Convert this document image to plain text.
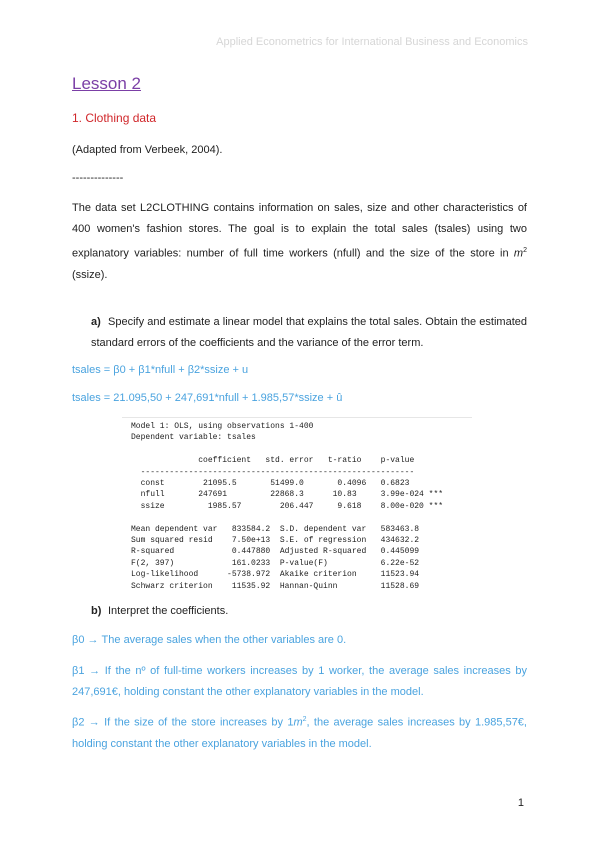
Applied Econometrics for International Business and Economics
Lesson 2
1. Clothing data
(Adapted from Verbeek, 2004).
--------------
The data set L2CLOTHING contains information on sales, size and other characteristics of 400 women's fashion stores. The goal is to explain the total sales (tsales) using two explanatory variables: number of full time workers (nfull) and the size of the store in $m^2$ (ssize).
a) Specify and estimate a linear model that explains the total sales. Obtain the estimated standard errors of the coefficients and the variance of the error term.
tsales = β0 + β1*nfull + β2*ssize + u
tsales = 21.095,50 + 247,691*nfull + 1.985,57*ssize + û
Model 1: OLS, using observations 1-400
Dependent variable: tsales

coefficient   std. error   t-ratio    p-value
---------------------------------------------------------
const        21095.5       51499.0       0.4096   0.6823
nfull       247691         22868.3      10.83     3.99e-024 ***
ssize         1985.57        206.447     9.618    8.00e-020 ***

Mean dependent var   833584.2  S.D. dependent var   583463.8
Sum squared resid    7.50e+13  S.E. of regression   434632.2
R-squared            0.447880  Adjusted R-squared   0.445099
F(2, 397)            161.0233  P-value(F)           6.22e-52
Log-likelihood      -5738.972  Akaike criterion     11523.94
Schwarz criterion    11535.92  Hannan-Quinn         11528.69
b) Interpret the coefficients.
β0 → The average sales when the other variables are 0.
β1 → If the nº of full-time workers increases by 1 worker, the average sales increases by 247,691€, holding constant the other explanatory variables in the model.
β2 → If the size of the store increases by $1m^2$, the average sales increases by 1.985,57€, holding constant the other explanatory variables in the model.
1
